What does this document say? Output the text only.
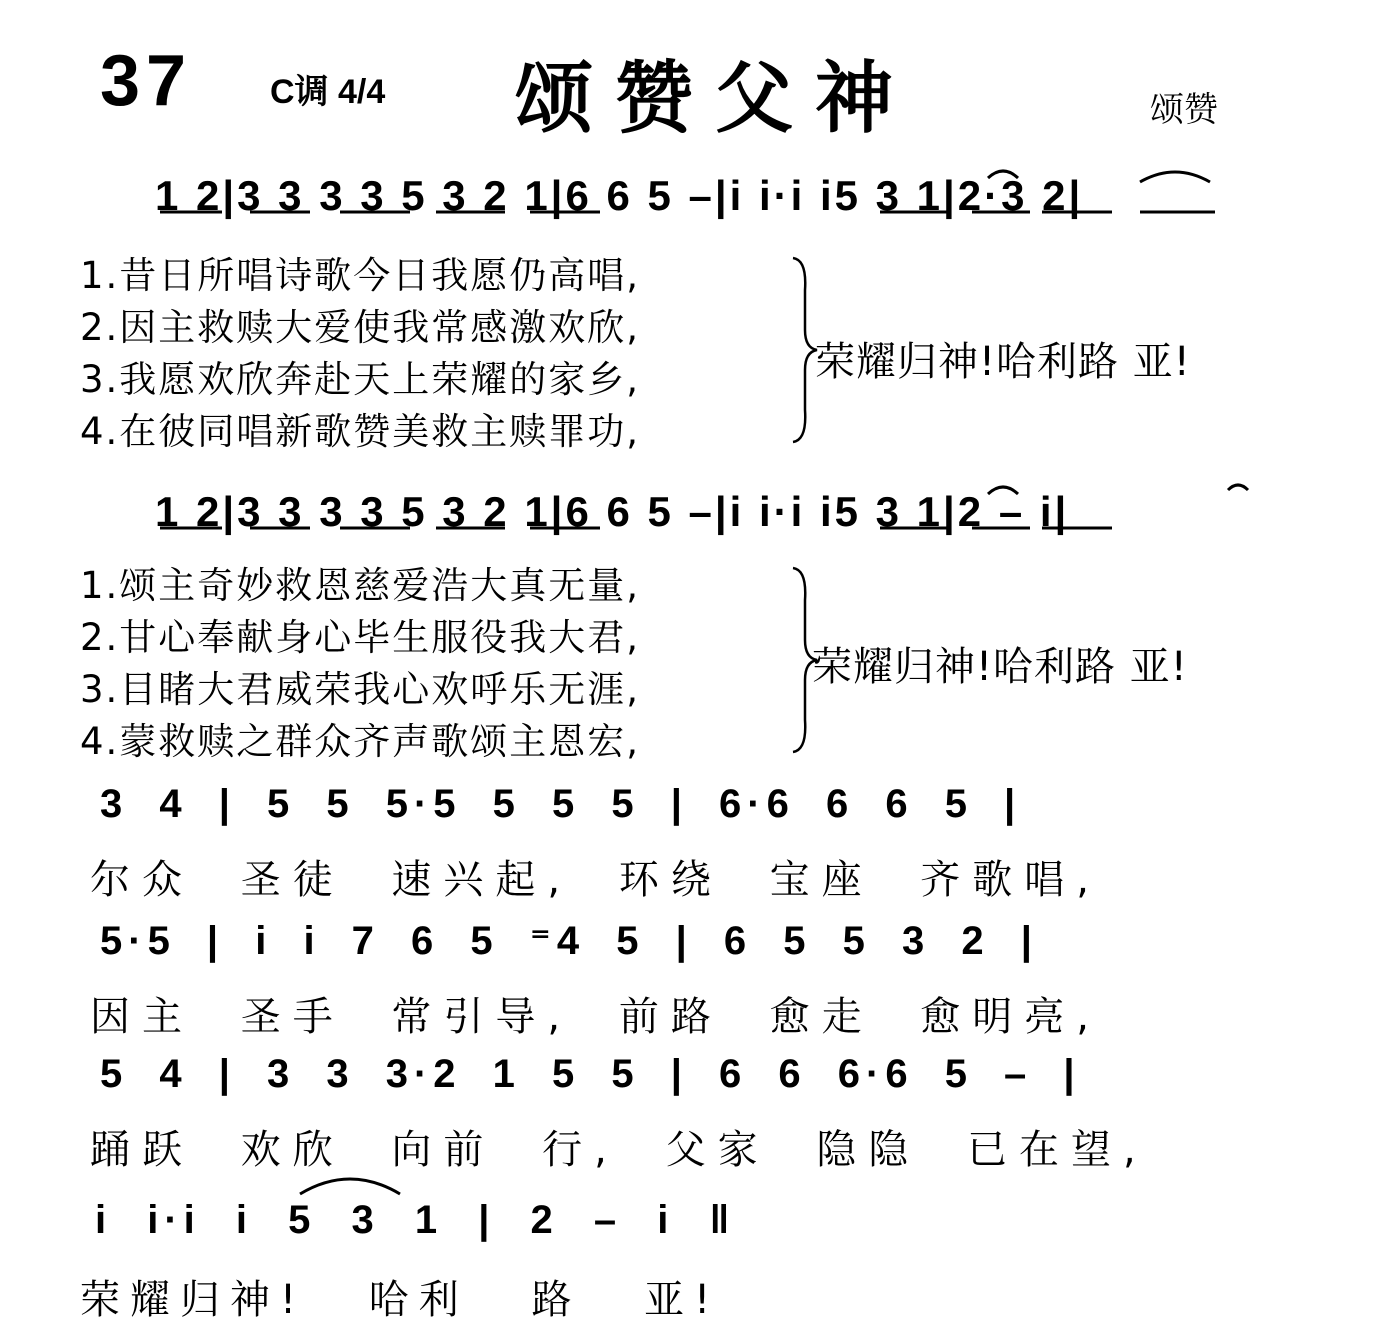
37 C调 4/4 颂赞父神	颂赞
1 2|3 3 3 3 5 3 2 1|6 6 5 –|i i·i i5 3 1|2·3 2|
1.昔日所唱诗歌今日我愿仍高唱,
2.因主救赎大爱使我常感激欢欣,
3.我愿欢欣奔赴天上荣耀的家乡,
4.在彼同唱新歌赞美救主赎罪功,
荣耀归神!哈利路 亚!
1 2|3 3 3 3 5 3 2 1|6 6 5 –|i i·i i5 3 1|2 – i|
1.颂主奇妙救恩慈爱浩大真无量,
2.甘心奉献身心毕生服役我大君,
3.目睹大君威荣我心欢呼乐无涯,
4.蒙救赎之群众齐声歌颂主恩宏,
荣耀归神!哈利路 亚!
3 4 | 5 5 5·5 5 5 5 | 6·6 6 6 5 |
尔众 圣徒 速兴起, 环绕 宝座 齐歌唱,
5·5 | i i 7 6 5 ⁼4 5 | 6 5 5 3 2 |
因主 圣手 常引导, 前路 愈走 愈明亮,
5 4 | 3 3 3·2 1 5 5 | 6 6 6·6 5 – |
踊跃 欢欣 向前 行, 父家 隐隐 已在望,
i i·i i 5 3 1 | 2 – i ‖
荣耀归神! 哈利 路 亚!
